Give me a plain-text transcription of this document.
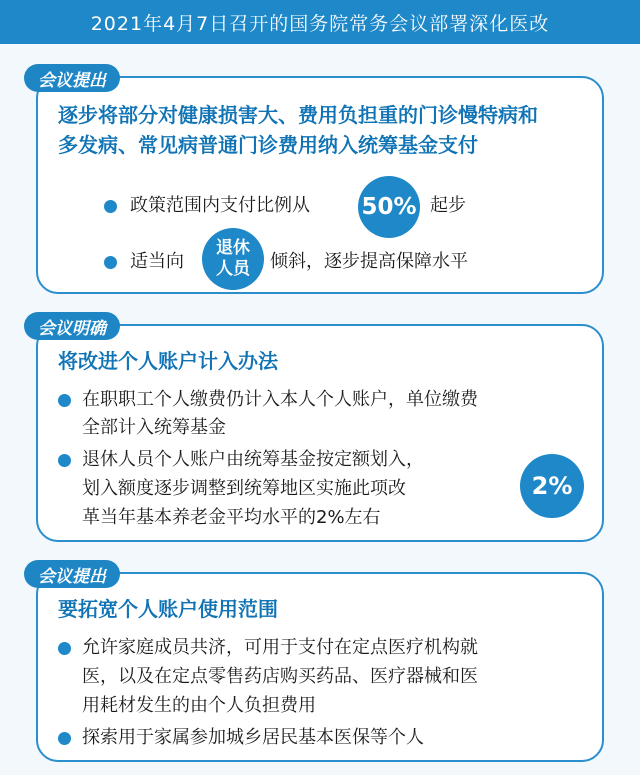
2021年4月7日召开的国务院常务会议部署深化医改
会议提出
逐步将部分对健康损害大、费用负担重的门诊慢特病和
多发病、常见病普通门诊费用纳入统筹基金支付
政策范围内支付比例从 50% 起步
适当向
退休
人员 倾斜，逐步提高保障水平
会议明确
将改进个人账户计入办法
在职职工个人缴费仍计入本人个人账户，单位缴费
全部计入统筹基金
退休人员个人账户由统筹基金按定额划入，
划入额度逐步调整到统筹地区实施此项改
革当年基本养老金平均水平的2%左右
2%
会议提出
要拓宽个人账户使用范围
允许家庭成员共济，可用于支付在定点医疗机构就
医，以及在定点零售药店购买药品、医疗器械和医
用耗材发生的由个人负担费用
探索用于家属参加城乡居民基本医保等个人
